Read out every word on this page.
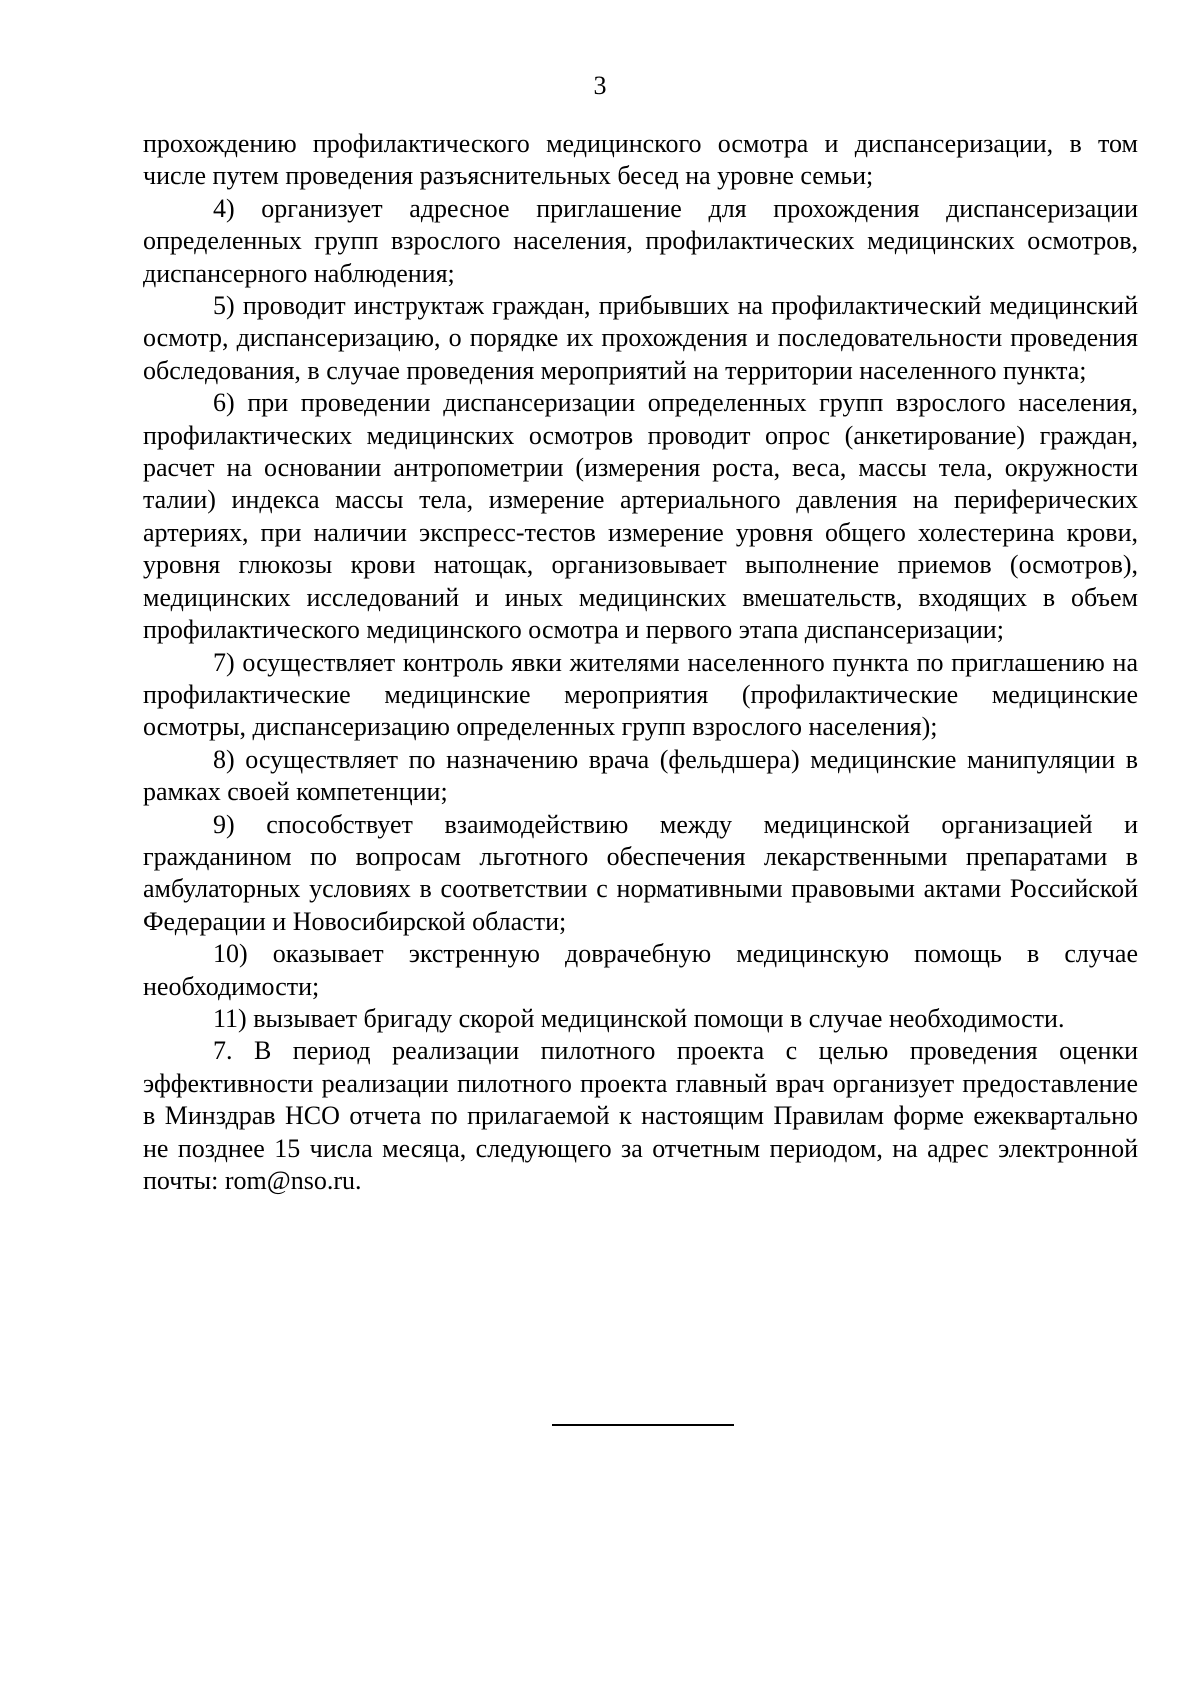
3

прохождению профилактического медицинского осмотра и диспансеризации, в том числе путем проведения разъяснительных бесед на уровне семьи;

4) организует адресное приглашение для прохождения диспансеризации определенных групп взрослого населения, профилактических медицинских осмотров, диспансерного наблюдения;

5) проводит инструктаж граждан, прибывших на профилактический медицинский осмотр, диспансеризацию, о порядке их прохождения и последовательности проведения обследования, в случае проведения мероприятий на территории населенного пункта;

6) при проведении диспансеризации определенных групп взрослого населения, профилактических медицинских осмотров проводит опрос (анкетирование) граждан, расчет на основании антропометрии (измерения роста, веса, массы тела, окружности талии) индекса массы тела, измерение артериального давления на периферических артериях, при наличии экспресс-тестов измерение уровня общего холестерина крови, уровня глюкозы крови натощак, организовывает выполнение приемов (осмотров), медицинских исследований и иных медицинских вмешательств, входящих в объем профилактического медицинского осмотра и первого этапа диспансеризации;

7) осуществляет контроль явки жителями населенного пункта по приглашению на профилактические медицинские мероприятия (профилактические медицинские осмотры, диспансеризацию определенных групп взрослого населения);

8) осуществляет по назначению врача (фельдшера) медицинские манипуляции в рамках своей компетенции;

9) способствует взаимодействию между медицинской организацией и гражданином по вопросам льготного обеспечения лекарственными препаратами в амбулаторных условиях в соответствии с нормативными правовыми актами Российской Федерации и Новосибирской области;

10) оказывает экстренную доврачебную медицинскую помощь в случае необходимости;

11) вызывает бригаду скорой медицинской помощи в случае необходимости.

7. В период реализации пилотного проекта с целью проведения оценки эффективности реализации пилотного проекта главный врач организует предоставление в Минздрав НСО отчета по прилагаемой к настоящим Правилам форме ежеквартально не позднее 15 числа месяца, следующего за отчетным периодом, на адрес электронной почты: rom@nso.ru.
